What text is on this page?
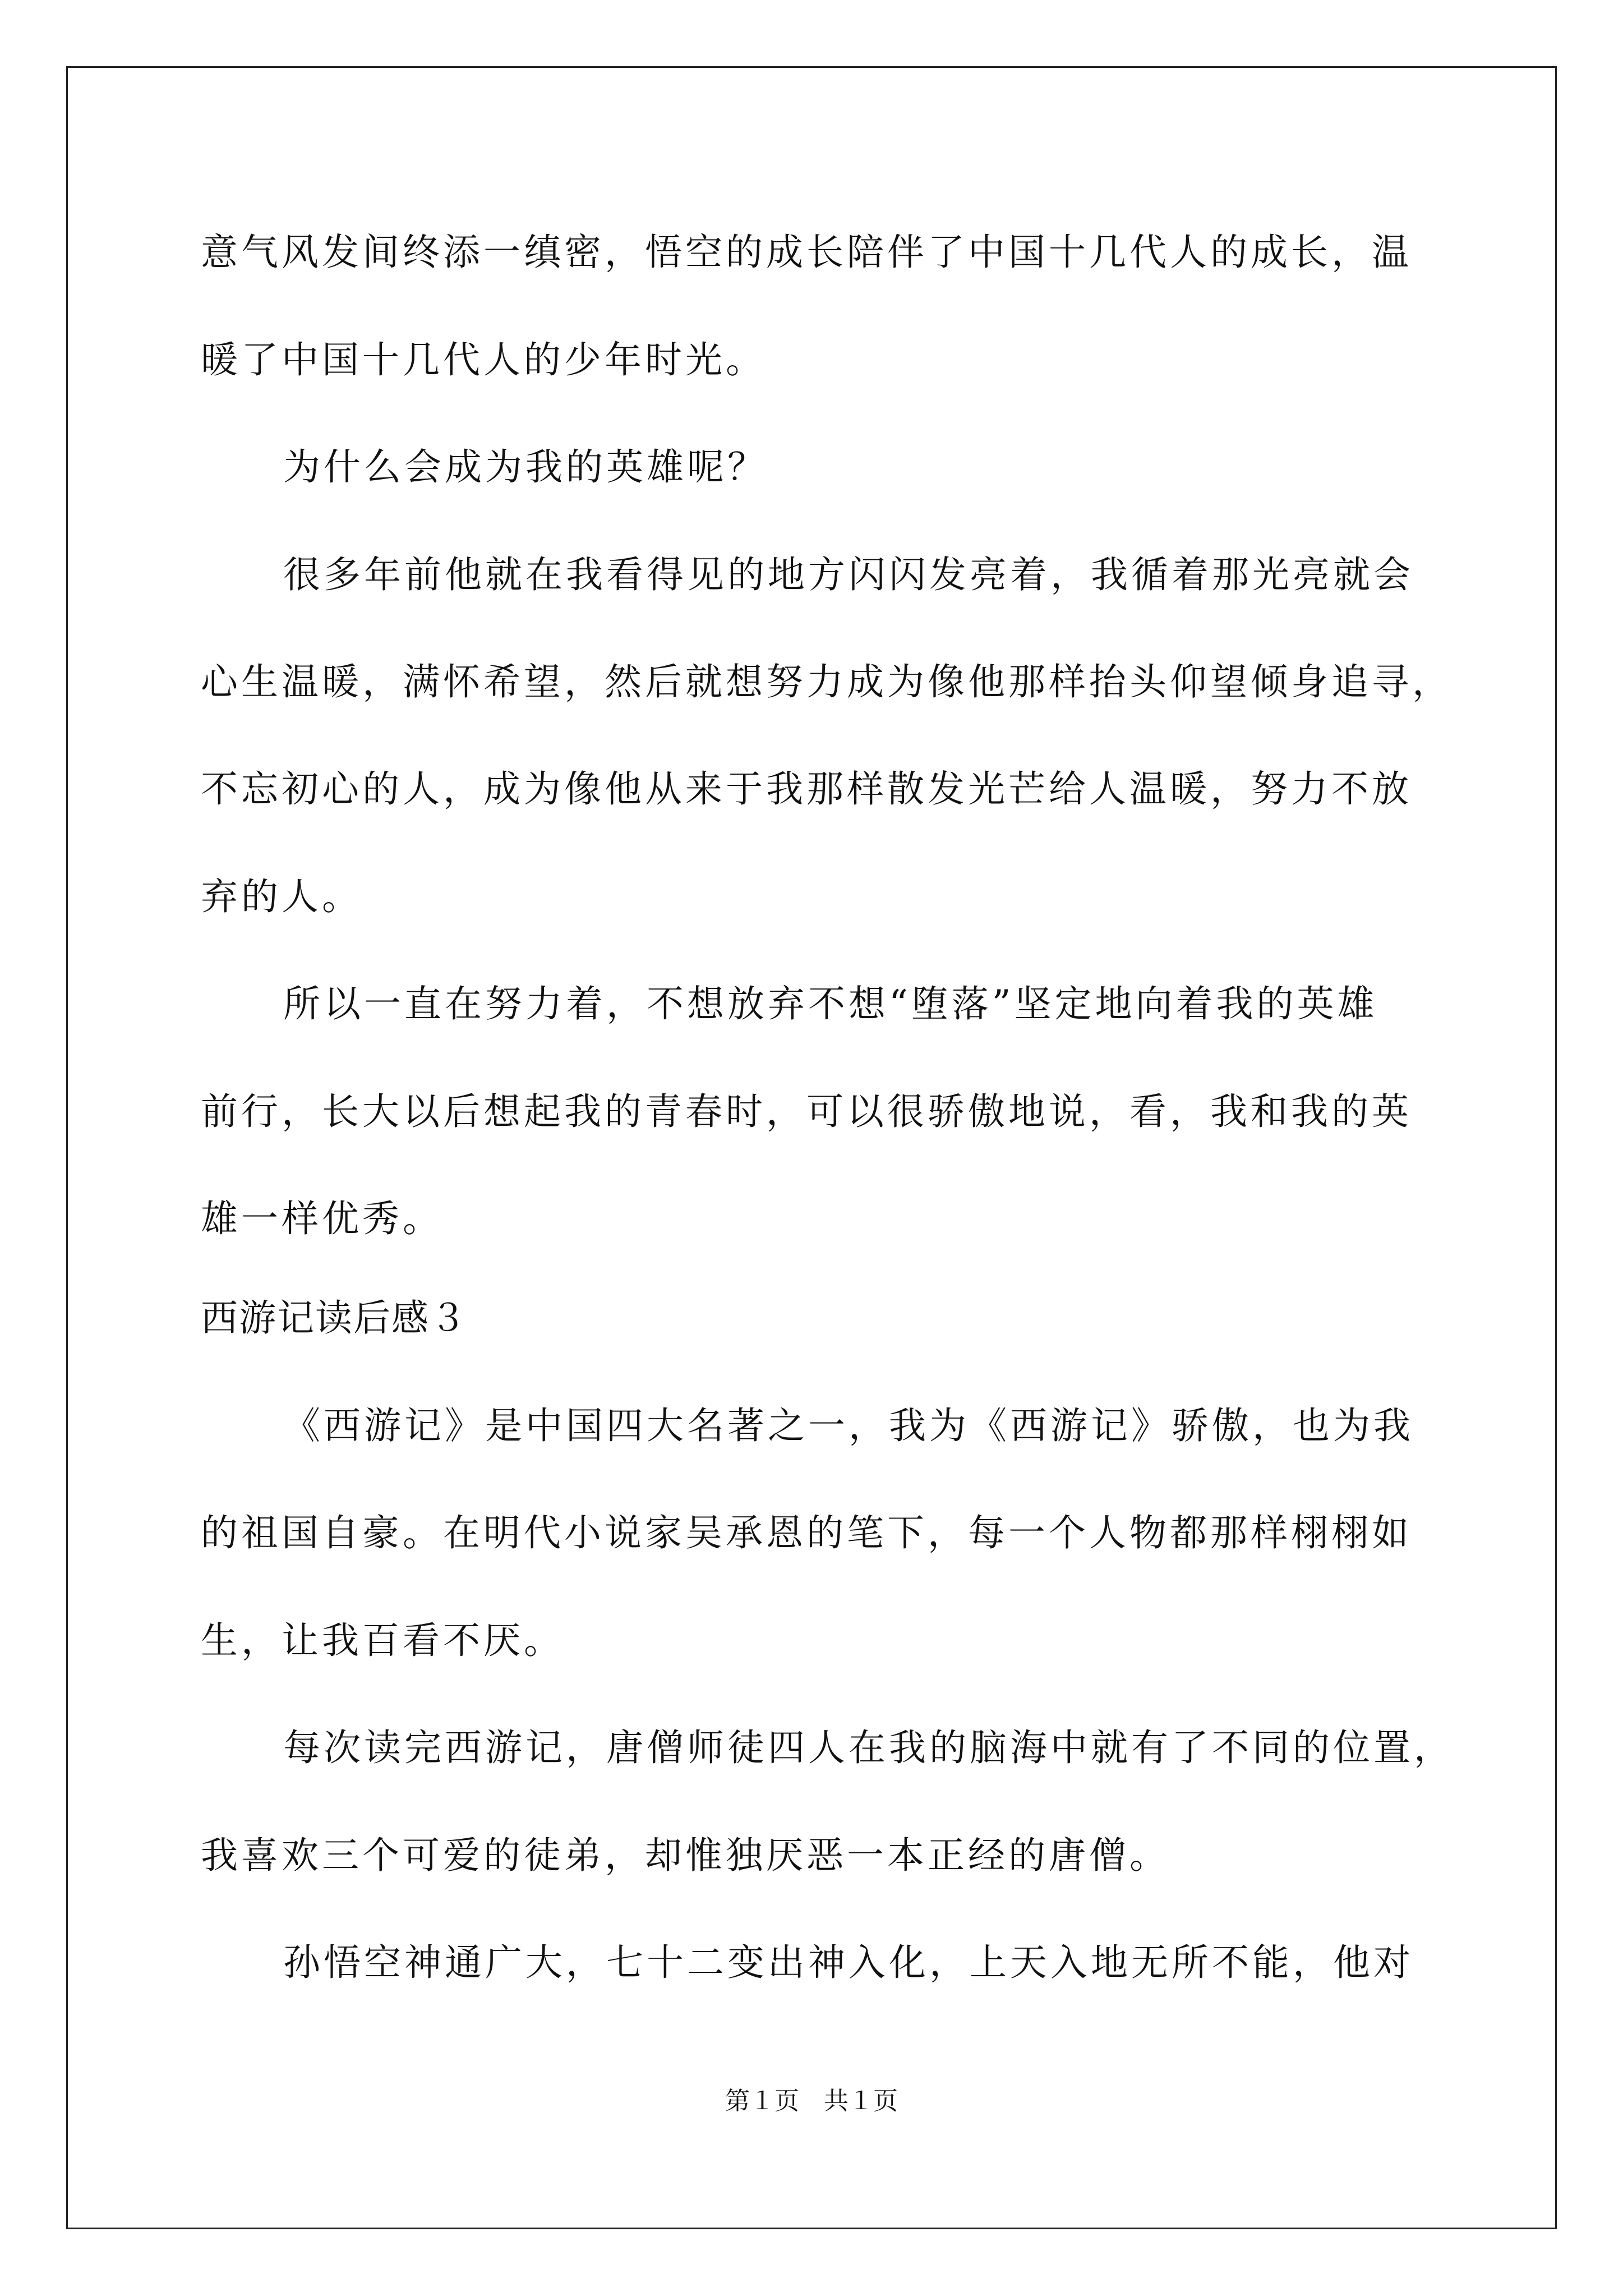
意气风发间终添一缜密，悟空的成长陪伴了中国十几代人的成长，温
暖了中国十几代人的少年时光。
为什么会成为我的英雄呢？
很多年前他就在我看得见的地方闪闪发亮着，我循着那光亮就会
心生温暖，满怀希望，然后就想努力成为像他那样抬头仰望倾身追寻，
不忘初心的人，成为像他从来于我那样散发光芒给人温暖，努力不放
弃的人。
所以一直在努力着，不想放弃不想“堕落”坚定地向着我的英雄
前行，长大以后想起我的青春时，可以很骄傲地说，看，我和我的英
雄一样优秀。
西游记读后感３
《西游记》是中国四大名著之一，我为《西游记》骄傲，也为我
的祖国自豪。在明代小说家吴承恩的笔下，每一个人物都那样栩栩如
生，让我百看不厌。
每次读完西游记，唐僧师徒四人在我的脑海中就有了不同的位置，
我喜欢三个可爱的徒弟，却惟独厌恶一本正经的唐僧。
孙悟空神通广大，七十二变出神入化，上天入地无所不能，他对
第１页　共１页
